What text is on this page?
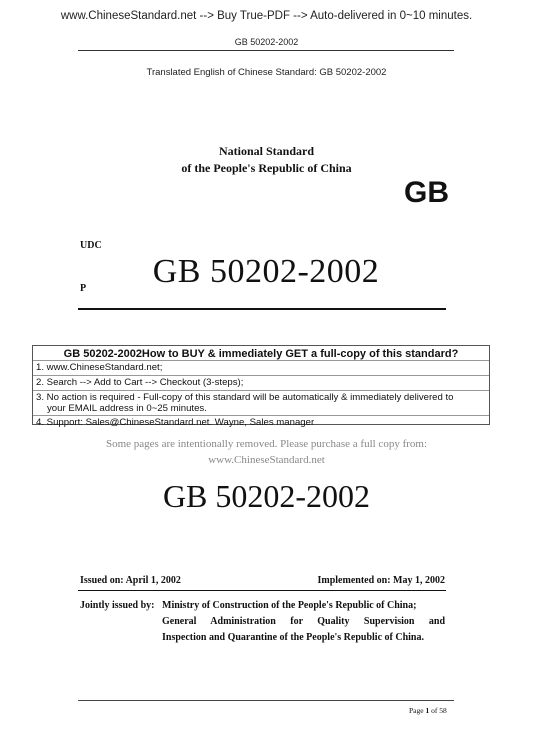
www.ChineseStandard.net --> Buy True-PDF --> Auto-delivered in 0~10 minutes.
GB 50202-2002
Translated English of Chinese Standard: GB 50202-2002
National Standard
of the People's Republic of China
GB
UDC
P	GB 50202-2002
GB 50202-2002How to BUY & immediately GET a full-copy of this standard?
1. www.ChineseStandard.net;
2. Search --> Add to Cart --> Checkout (3-steps);
3. No action is required - Full-copy of this standard will be automatically & immediately delivered to
your EMAIL address in 0~25 minutes.
4. Support: Sales@ChineseStandard.net. Wayne, Sales manager
Some pages are intentionally removed. Please purchase a full copy from:
www.ChineseStandard.net
GB 50202-2002
Issued on: April 1, 2002	Implemented on: May 1, 2002
Jointly issued by: Ministry of Construction of the People's Republic of China;
General Administration for Quality Supervision and
Inspection and Quarantine of the People's Republic of China.
Page 1 of 58
